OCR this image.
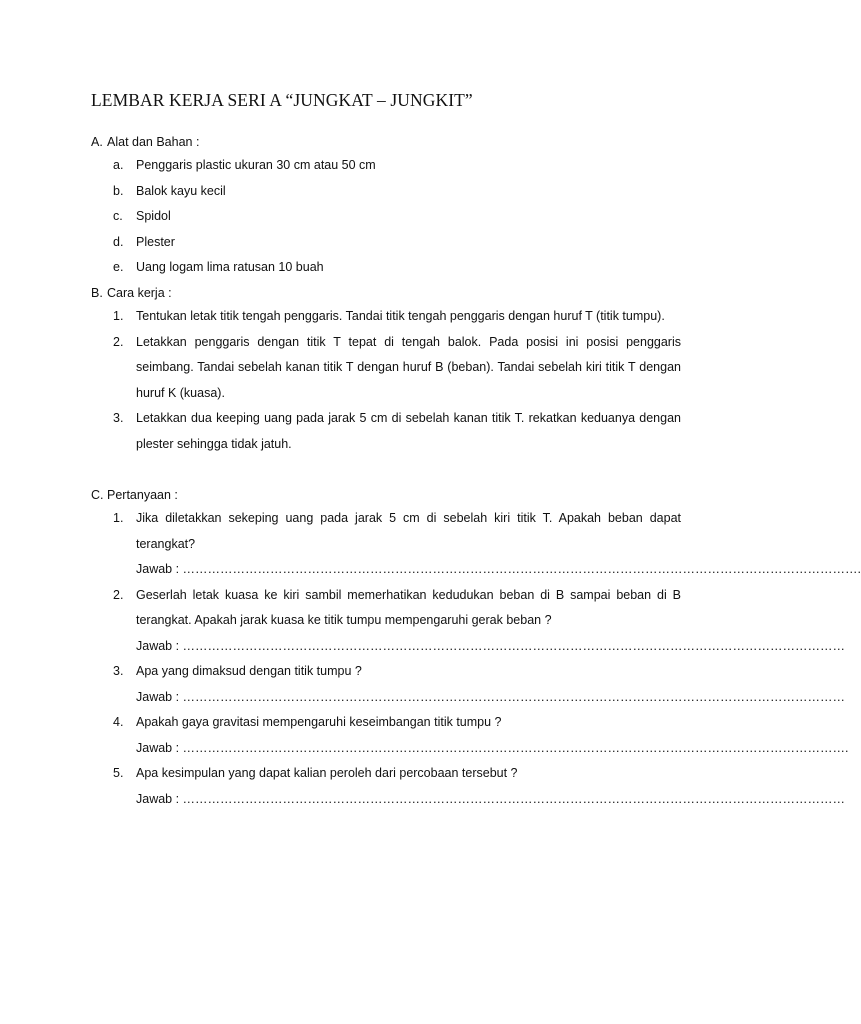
LEMBAR KERJA SERI A “JUNGKAT – JUNGKIT”
A. Alat dan Bahan :
a. Penggaris plastic ukuran 30 cm atau 50 cm
b. Balok kayu kecil
c. Spidol
d. Plester
e. Uang logam lima ratusan 10 buah
B. Cara kerja :
1. Tentukan letak titik tengah penggaris. Tandai titik tengah penggaris dengan huruf T (titik tumpu).
2. Letakkan penggaris dengan titik T tepat di tengah balok. Pada posisi ini posisi penggaris seimbang. Tandai sebelah kanan titik T dengan huruf B (beban). Tandai sebelah kiri titik T dengan huruf K (kuasa).
3. Letakkan dua keeping uang pada jarak 5 cm di sebelah kanan titik T. rekatkan keduanya dengan plester sehingga tidak jatuh.
C. Pertanyaan :
1. Jika diletakkan sekeping uang pada jarak 5 cm di sebelah kiri titik T. Apakah beban dapat terangkat?
Jawab : ……………………………………………………………………………………………………………………………………………….
2. Geserlah letak kuasa ke kiri sambil memerhatikan kedudukan beban di B sampai beban di B terangkat. Apakah jarak kuasa ke titik tumpu mempengaruhi gerak beban ?
Jawab : ……………………………………………………………………………………………………………………………………………
3. Apa yang dimaksud dengan titik tumpu ?
Jawab : ……………………………………………………………………………………………………………………………………………
4. Apakah gaya gravitasi mempengaruhi keseimbangan titik tumpu ?
Jawab : …………………………………………………………………………………………………………………………………………….
5. Apa kesimpulan yang dapat kalian peroleh dari percobaan tersebut ?
Jawab : ……………………………………………………………………………………………………………………………………………
